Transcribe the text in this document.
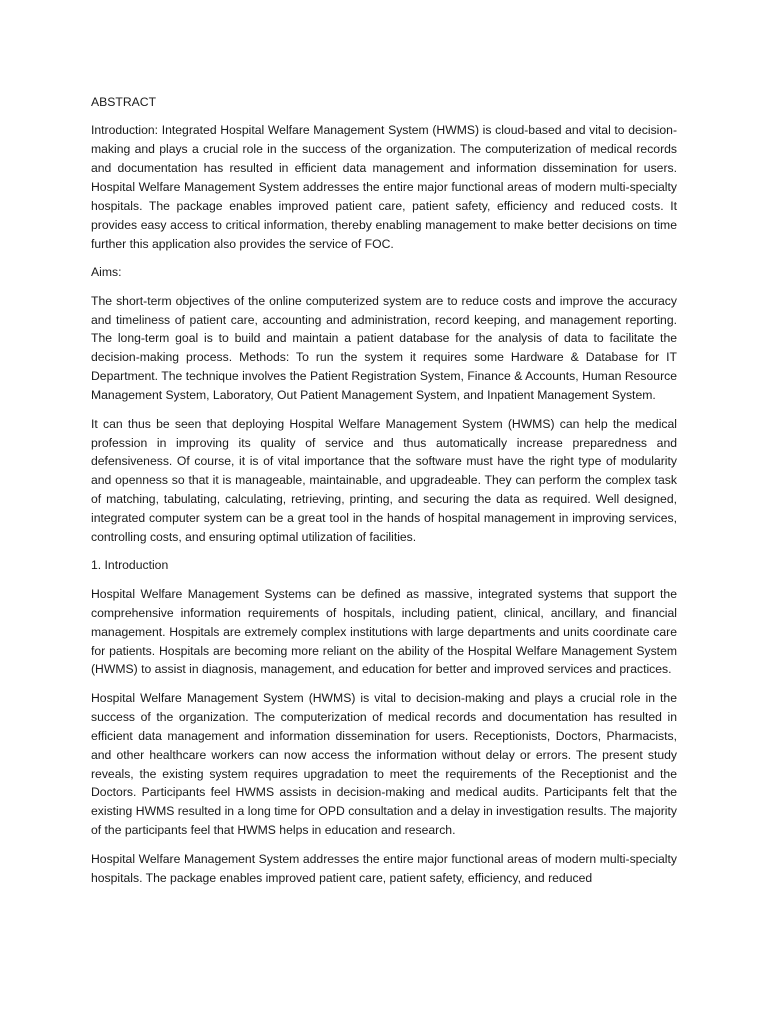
ABSTRACT

Introduction: Integrated Hospital Welfare Management System (HWMS) is cloud-based and vital to decision-making and plays a crucial role in the success of the organization. The computerization of medical records and documentation has resulted in efficient data management and information dissemination for users. Hospital Welfare Management System addresses the entire major functional areas of modern multi-specialty hospitals. The package enables improved patient care, patient safety, efficiency and reduced costs. It provides easy access to critical information, thereby enabling management to make better decisions on time further this application also provides the service of FOC.

Aims:

The short-term objectives of the online computerized system are to reduce costs and improve the accuracy and timeliness of patient care, accounting and administration, record keeping, and management reporting. The long-term goal is to build and maintain a patient database for the analysis of data to facilitate the decision-making process. Methods: To run the system it requires some Hardware & Database for IT Department. The technique involves the Patient Registration System, Finance & Accounts, Human Resource Management System, Laboratory, Out Patient Management System, and Inpatient Management System.

It can thus be seen that deploying Hospital Welfare Management System (HWMS) can help the medical profession in improving its quality of service and thus automatically increase preparedness and defensiveness. Of course, it is of vital importance that the software must have the right type of modularity and openness so that it is manageable, maintainable, and upgradeable. They can perform the complex task of matching, tabulating, calculating, retrieving, printing, and securing the data as required. Well designed, integrated computer system can be a great tool in the hands of hospital management in improving services, controlling costs, and ensuring optimal utilization of facilities.

1. Introduction

Hospital Welfare Management Systems can be defined as massive, integrated systems that support the comprehensive information requirements of hospitals, including patient, clinical, ancillary, and financial management. Hospitals are extremely complex institutions with large departments and units coordinate care for patients. Hospitals are becoming more reliant on the ability of the Hospital Welfare Management System (HWMS) to assist in diagnosis, management, and education for better and improved services and practices.

Hospital Welfare Management System (HWMS) is vital to decision-making and plays a crucial role in the success of the organization. The computerization of medical records and documentation has resulted in efficient data management and information dissemination for users. Receptionists, Doctors, Pharmacists, and other healthcare workers can now access the information without delay or errors. The present study reveals, the existing system requires upgradation to meet the requirements of the Receptionist and the Doctors. Participants feel HWMS assists in decision-making and medical audits. Participants felt that the existing HWMS resulted in a long time for OPD consultation and a delay in investigation results. The majority of the participants feel that HWMS helps in education and research.

Hospital Welfare Management System addresses the entire major functional areas of modern multi-specialty hospitals. The package enables improved patient care, patient safety, efficiency, and reduced
